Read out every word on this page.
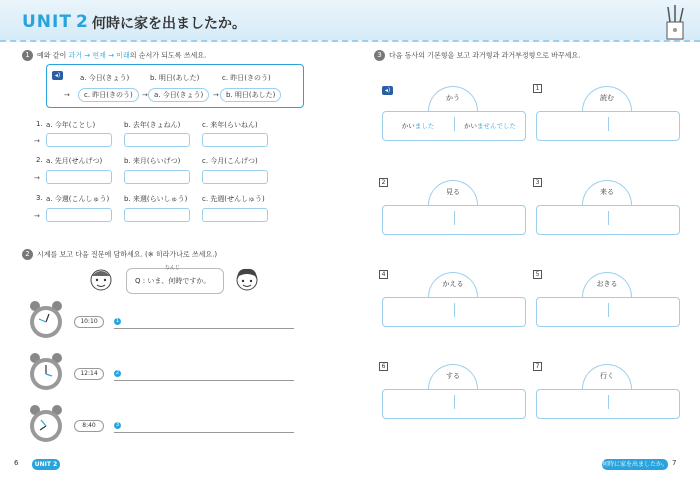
UNIT 2 何時に家を出ましたか。
1 예와 같이 과거 → 현재 → 미래의 순서가 되도록 쓰세요.
◂)	a. 今日(きょう)	b. 明日(あした)	c. 昨日(きのう)
→	c. 昨日(きのう)	→ a. 今日(きょう)	→	b. 明日(あした)
1. a. 今年(ことし)	b. 去年(きょねん)	c. 来年(らいねん)
→
2. a. 先月(せんげつ)	b. 来月(らいげつ)	c. 今月(こんげつ)
→
3. a. 今週(こんしゅう) b. 来週(らいしゅう) c. 先週(せんしゅう)
→
2 시계를 보고 다음 질문에 답하세요. (※ 히라가나로 쓰세요.)
Q : いま、何時ですか。
なんじ
10:10	1
12:14	2
8:40	3
6	UNIT 2
3 다음 동사의 기본형을 보고 과거형과 과거부정형으로 바꾸세요.
◂)
かう
かいました	かいませんでした
1
読む
2
見る
3
来る
4
かえる
5
おきる
6
する
7
行く
何時に家を出ましたか。 7
